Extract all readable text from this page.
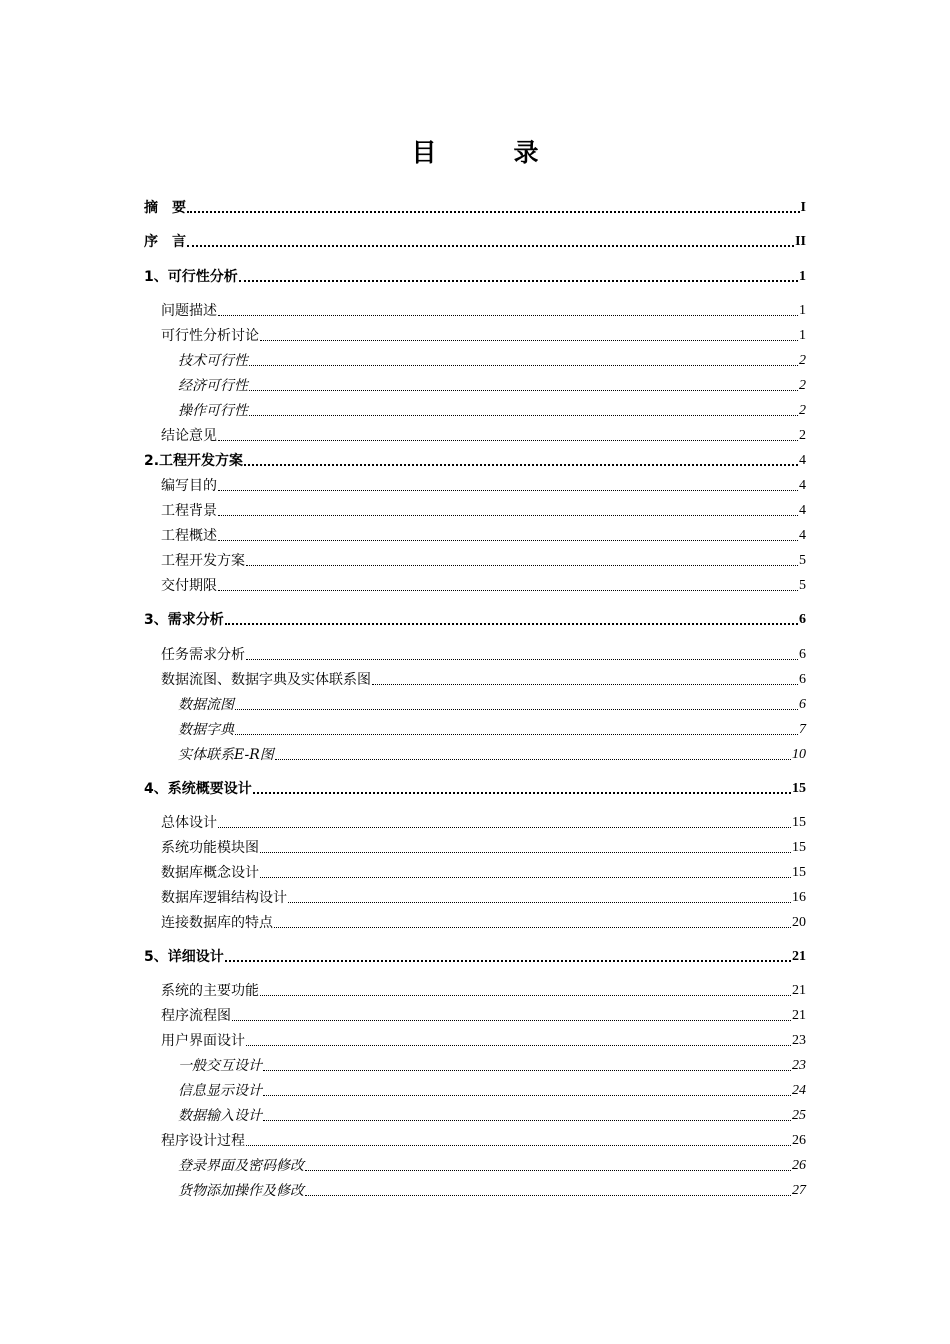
目　录
摘　要	I
序　言	II
1、可行性分析	1
问题描述	1
可行性分析讨论	1
技术可行性	2
经济可行性	2
操作可行性	2
结论意见	2
2.工程开发方案	4
编写目的	4
工程背景	4
工程概述	4
工程开发方案	5
交付期限	5
3、需求分析	6
任务需求分析	6
数据流图、数据字典及实体联系图	6
数据流图	6
数据字典	7
实体联系E-R图	10
4、系统概要设计	15
总体设计	15
系统功能模块图	15
数据库概念设计	15
数据库逻辑结构设计	16
连接数据库的特点	20
5、详细设计	21
系统的主要功能	21
程序流程图	21
用户界面设计	23
一般交互设计	23
信息显示设计	24
数据输入设计	25
程序设计过程	26
登录界面及密码修改	26
货物添加操作及修改	27
